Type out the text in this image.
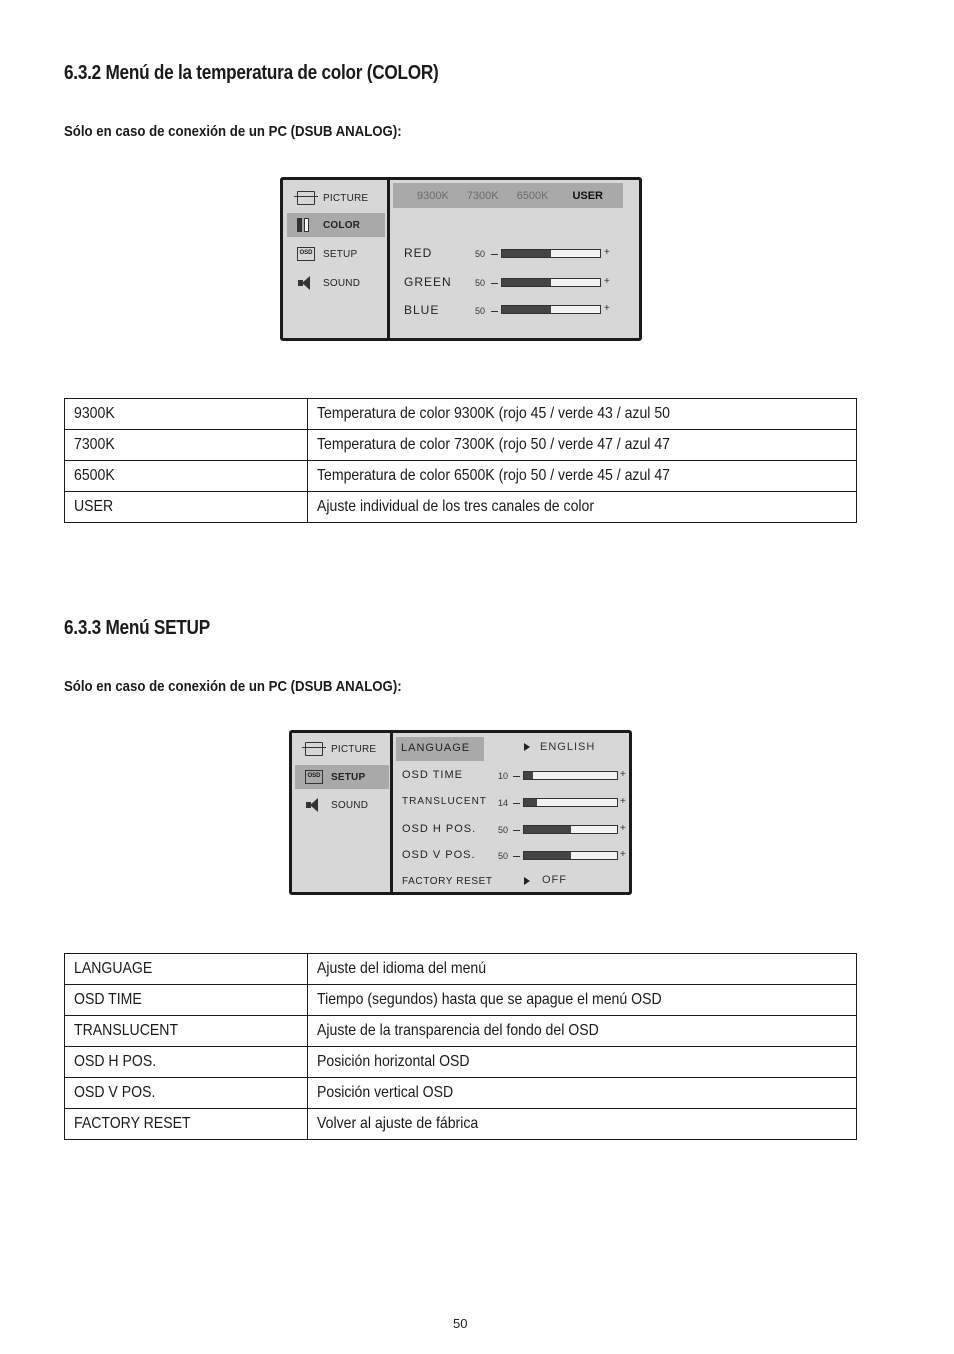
6.3.2 Menú de la temperatura de color (COLOR)

Sólo en caso de conexión de un PC (DSUB ANALOG):

PICTURE
COLOR
OSD SETUP
SOUND
9300K 7300K 6500K USER
RED	50	+
GREEN	50	+
BLUE	50	+
9300K	Temperatura de color 9300K (rojo 45 / verde 43 / azul 50
7300K	Temperatura de color 7300K (rojo 50 / verde 47 / azul 47
6500K	Temperatura de color 6500K (rojo 50 / verde 45 / azul 47
USER	Ajuste individual de los tres canales de color
6.3.3 Menú SETUP

Sólo en caso de conexión de un PC (DSUB ANALOG):

PICTURE
OSD SETUP
SOUND
LANGUAGE	ENGLISH
OSD TIME	10	+
TRANSLUCENT 14	+
OSD H POS. 50	+
OSD V POS. 50	+
FACTORY RESET	OFF
LANGUAGE	Ajuste del idioma del menú
OSD TIME	Tiempo (segundos) hasta que se apague el menú OSD
TRANSLUCENT	Ajuste de la transparencia del fondo del OSD
OSD H POS.	Posición horizontal OSD
OSD V POS.	Posición vertical OSD
FACTORY RESET	Volver al ajuste de fábrica
50
